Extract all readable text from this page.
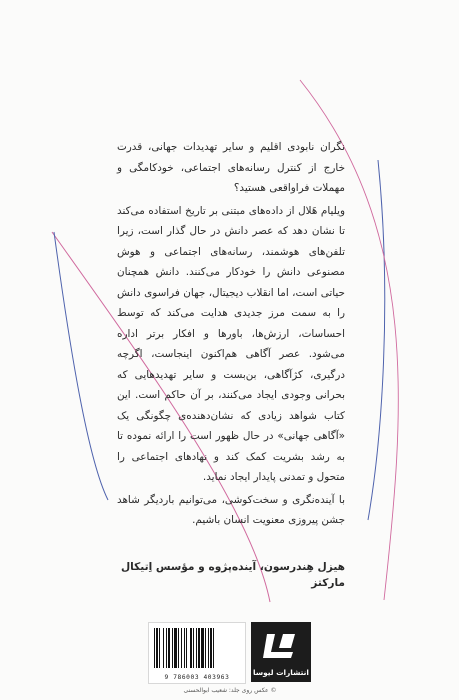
نگران نابودی اقلیم و سایر تهدیدات جهانی، قدرت خارج از کنترل رسانه‌های اجتماعی، خودکامگی و مهملات فراواقعی هستید؟

ویلیام هَلال از داده‌های مبتنی بر تاریخ استفاده می‌کند تا نشان دهد که عصر دانش در حال گذار است، زیرا تلفن‌های هوشمند، رسانه‌های اجتماعی و هوش مصنوعی دانش را خودکار می‌کنند. دانش همچنان حیاتی است، اما انقلاب دیجیتال، جهان فراسوی دانش را به سمت مرز جدیدی هدایت می‌کند که توسط احساسات، ارزش‌ها، باورها و افکار برتر اداره می‌شود. عصر آگاهی هم‌اکنون اینجاست، اگرچه درگیری، کژآگاهی، بن‌بست و سایر تهدیدهایی که بحرانی وجودی ایجاد می‌کنند، بر آن حاکم است. این کتاب شواهد زیادی که نشان‌دهنده‌ی چگونگی یک «آگاهی جهانی» در حال ظهور است را ارائه نموده تا به رشد بشریت کمک کند و نهادهای اجتماعی را متحول و تمدنی پایدار ایجاد نماید.

با آینده‌نگری و سخت‌کوشی، می‌توانیم باردیگر شاهد جشن پیروزی معنویت انسان باشیم.

هیزل هِندرسون، آینده‌پژوه و مؤسس اِتیکال مارکتز
9 786003 403963
انتشارات لیوسا
© عکس روی جلد: شعیب ابوالحسنی
